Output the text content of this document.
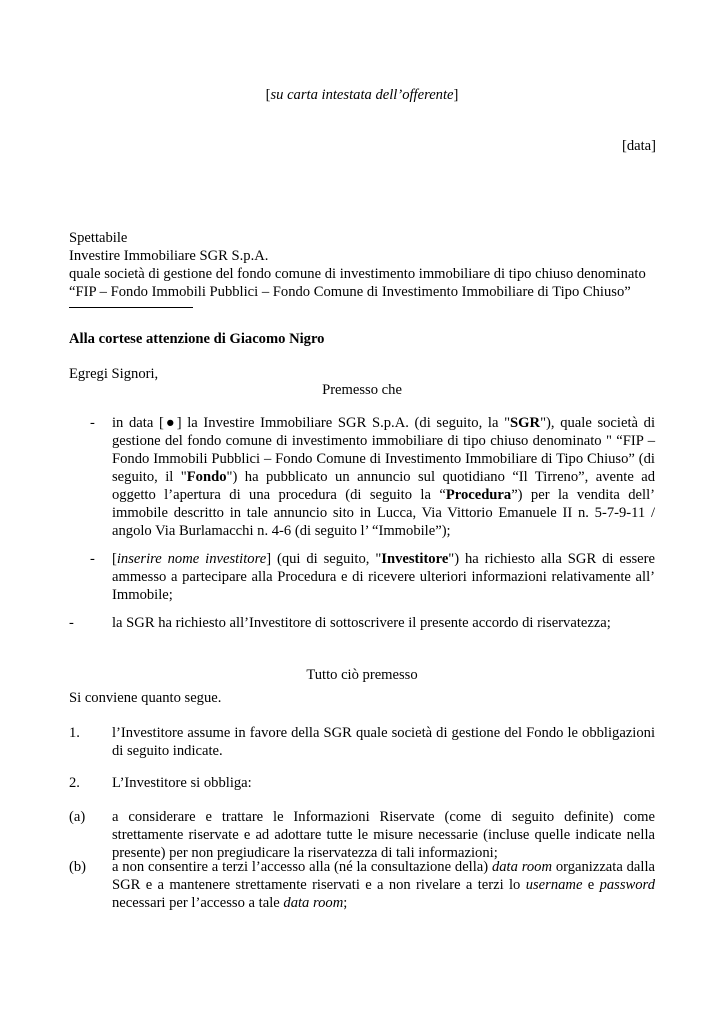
[su carta intestata dell’offerente]
[data]
Spettabile
Investire Immobiliare SGR S.p.A.
quale società di gestione del fondo comune di investimento immobiliare di tipo chiuso denominato
“FIP – Fondo Immobili Pubblici – Fondo Comune di Investimento Immobiliare di Tipo Chiuso”
Alla cortese attenzione di Giacomo Nigro
Egregi Signori,
Premesso che
- in data [●] la Investire Immobiliare SGR S.p.A. (di seguito, la "SGR"), quale società di gestione del fondo comune di investimento immobiliare di tipo chiuso denominato " “FIP – Fondo Immobili Pubblici – Fondo Comune di Investimento Immobiliare di Tipo Chiuso” (di seguito, il "Fondo") ha pubblicato un annuncio sul quotidiano “Il Tirreno”, avente ad oggetto l’apertura di una procedura (di seguito la “Procedura”) per la vendita dell’ immobile descritto in tale annuncio sito in Lucca, Via Vittorio Emanuele II n. 5-7-9-11 / angolo Via Burlamacchi n. 4-6 (di seguito l’ “Immobile”);
- [inserire nome investitore] (qui di seguito, "Investitore") ha richiesto alla SGR di essere ammesso a partecipare alla Procedura e di ricevere ulteriori informazioni relativamente all’ Immobile;
-	la SGR ha richiesto all’Investitore di sottoscrivere il presente accordo di riservatezza;
Tutto ciò premesso
Si conviene quanto segue.
1. l’Investitore assume in favore della SGR quale società di gestione del Fondo le obbligazioni di seguito indicate.
2. L’Investitore si obbliga:
(a) a considerare e trattare le Informazioni Riservate (come di seguito definite) come strettamente riservate e ad adottare tutte le misure necessarie (incluse quelle indicate nella presente) per non pregiudicare la riservatezza di tali informazioni;
(b) a non consentire a terzi l’accesso alla (né la consultazione della) data room organizzata dalla SGR e a mantenere strettamente riservati e a non rivelare a terzi lo username e password necessari per l’accesso a tale data room;
